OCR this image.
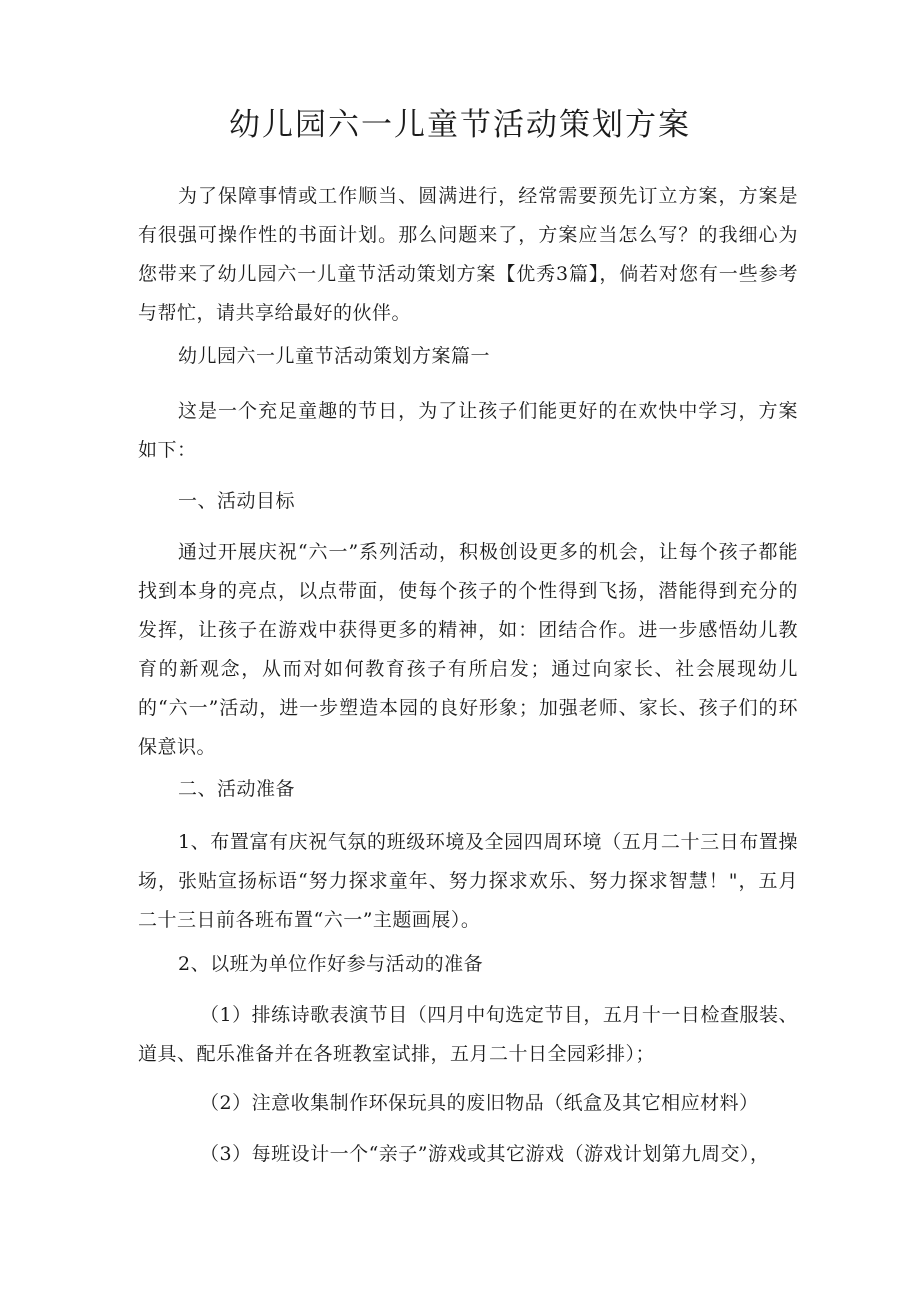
幼儿园六一儿童节活动策划方案

为了保障事情或工作顺当、圆满进行，经常需要预先订立方案，方案是有很强可操作性的书面计划。那么问题来了，方案应当怎么写？的我细心为您带来了幼儿园六一儿童节活动策划方案【优秀3篇】，倘若对您有一些参考与帮忙，请共享给最好的伙伴。

幼儿园六一儿童节活动策划方案篇一

这是一个充足童趣的节日，为了让孩子们能更好的在欢快中学习，方案如下：

一、活动目标

通过开展庆祝“六一”系列活动，积极创设更多的机会，让每个孩子都能找到本身的亮点，以点带面，使每个孩子的个性得到飞扬，潜能得到充分的发挥，让孩子在游戏中获得更多的精神，如：团结合作。进一步感悟幼儿教育的新观念，从而对如何教育孩子有所启发；通过向家长、社会展现幼儿的“六一”活动，进一步塑造本园的良好形象；加强老师、家长、孩子们的环保意识。

二、活动准备

1、布置富有庆祝气氛的班级环境及全园四周环境（五月二十三日布置操场，张贴宣扬标语“努力探求童年、努力探求欢乐、努力探求智慧！"，五月二十三日前各班布置“六一”主题画展）。

2、以班为单位作好参与活动的准备

（1）排练诗歌表演节目（四月中旬选定节目，五月十一日检查服装、道具、配乐准备并在各班教室试排，五月二十日全园彩排）；

（2）注意收集制作环保玩具的废旧物品（纸盒及其它相应材料）

（3）每班设计一个“亲子”游戏或其它游戏（游戏计划第九周交），
